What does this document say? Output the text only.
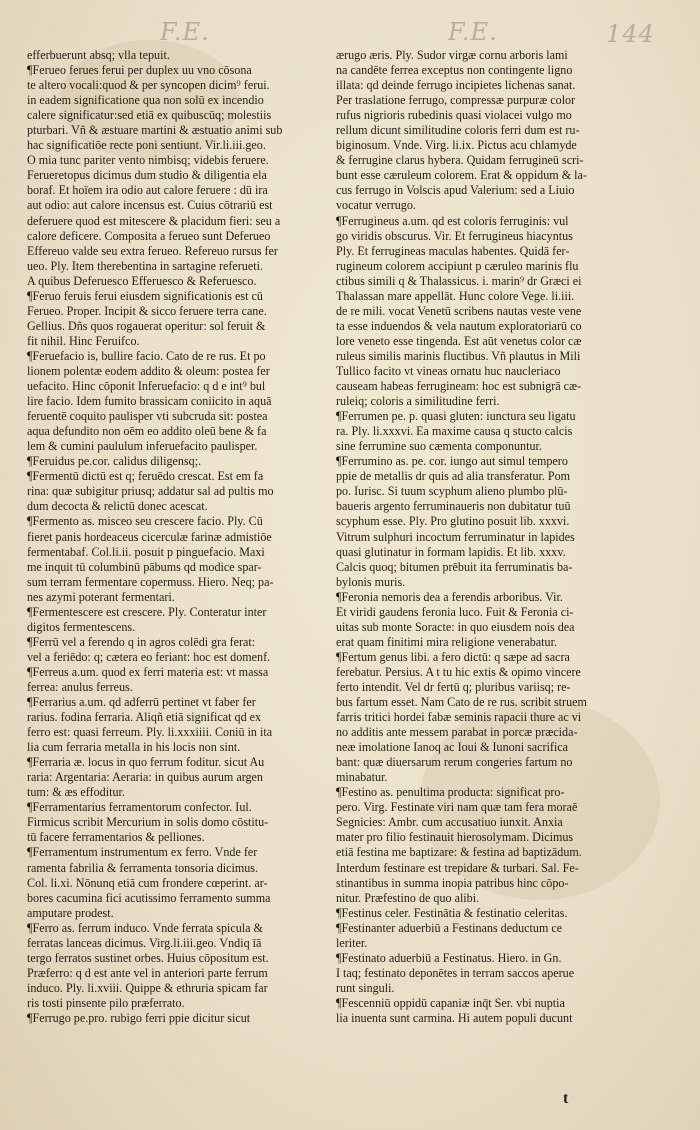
F.E.	F.E.	144
efferbuerunt absq; vlla tepuit.
¶Ferueo ferues ferui per duplex uu vno cōsona
te altero vocali:quod & per syncopen dicim⁹ ferui.
in eadem significatione qua non solū ex incendio
calere significatur:sed etiā ex quibuscūq; molestiis
pturbari. Vñ & æstuare martini & æstuatio animi sub
hac significatiōe recte poni sentiunt. Vir.li.iii.geo.
O mia tunc pariter vento nimbisq; videbis feruere.
Ferueretopus dicimus dum studio & diligentia ela
boraf. Et hoīem ira odio aut calore feruere : dū ira
aut odio: aut calore incensus est. Cuius cōtrariū est
deferuere quod est mitescere & placidum fieri: seu a
calore deficere. Composita a ferueo sunt Deferueo
Effereuo valde seu extra ferueo. Refereuo rursus fer
ueo. Ply. Item therebentina in sartagine referueti.
A quibus Deferuesco Efferuesco & Referuesco.
¶Feruo feruis ferui eiusdem significationis est cū
Ferueo. Proper. Incipit & sicco feruere terra cane.
Gellius. Dñs quos rogauerat operitur: sol feruit &
fit nihil. Hinc Feruifco.
¶Feruefacio is, bullire facio. Cato de re rus. Et po
lionem polentæ eodem addito & oleum: postea fer
uefacito. Hinc cōponit Inferuefacio: q d e int⁹ bul
lire facio. Idem fumito brassicam coniicito in aquā
feruentē coquito paulisper vti subcruda sit: postea
aqua defundito non oēm eo addito oleū bene & fa
lem & cumini paululum inferuefacito paulisper.
¶Feruidus pe.cor. calidus diligensq;.
¶Fermentū dictū est q; feruēdo crescat. Est em fa
rina: quæ subigitur priusq; addatur sal ad pultis mo
dum decocta & relictū donec acescat.
¶Fermento as. misceo seu crescere facio. Ply. Cū
fieret panis hordeaceus cicerculæ farinæ admistiōe
fermentabaf. Col.li.ii. posuit p pinguefacio. Maxi
me inquit tū columbinū pābums qd modice spar-
sum terram fermentare copermuss. Hiero. Neq; pa-
nes azymi poterant fermentari.
¶Fermentescere est crescere. Ply. Conteratur inter
digitos fermentescens.
¶Ferrū vel a ferendo q in agros colēdi gra ferat:
vel a feriēdo: q; cætera eo feriant: hoc est domenf.
¶Ferreus a.um. quod ex ferri materia est: vt massa
ferrea: anulus ferreus.
¶Ferrarius a.um. qd adferrū pertinet vt faber fer
rarius. fodina ferraria. Aliqñ etiā significat qd ex
ferro est: quasi ferreum. Ply. li.xxxiiii. Coniū in ita
lia cum ferraria metalla in his locis non sint.
¶Ferraria æ. locus in quo ferrum foditur. sicut Au
raria: Argentaria: Aeraria: in quibus aurum argen
tum: & æs effoditur.
¶Ferramentarius ferramentorum confector. Iul.
Firmicus scribit Mercurium in solis domo cōstitu-
tū facere ferramentarios & pelliones.
¶Ferramentum instrumentum ex ferro. Vnde fer
ramenta fabrilia & ferramenta tonsoria dicimus.
Col. li.xi. Nōnunq etiā cum frondere cœperint. ar-
bores cacumina fici acutissimo ferramento summa
amputare prodest.
¶Ferro as. ferrum induco. Vnde ferrata spicula &
ferratas lanceas dicimus. Virg.li.iii.geo. Vndiq īā
tergo ferratos sustinet orbes. Huius cōpositum est.
Præferro: q d est ante vel in anteriori parte ferrum
induco. Ply. li.xviii. Quippe & ethruria spicam far
ris tosti pinsente pilo præferrato.
¶Ferrugo pe.pro. rubigo ferri ppie dicitur sicut
ærugo æris. Ply. Sudor virgæ cornu arboris lami
na candēte ferrea exceptus non contingente ligno
illata: qd deinde ferrugo incipietes lichenas sanat.
Per traslatione ferrugo, compressæ purpuræ color
rufus nigrioris rubedinis quasi violacei vulgo mo
rellum dicunt similitudine coloris ferri dum est ru-
biginosum. Vnde. Virg. li.ix. Pictus acu chlamyde
& ferrugine clarus hybera. Quidam ferrugineū scri-
bunt esse cæruleum colorem. Erat & oppidum & la-
cus ferrugo in Volscis apud Valerium: sed a Liuio
vocatur verrugo.
¶Ferrugineus a.um. qd est coloris ferruginis: vul
go viridis obscurus. Vir. Et ferrugineus hiacyntus
Ply. Et ferrugineas maculas habentes. Quidā fer-
rugineum colorem accipiunt p cæruleo marinis flu
ctibus simili q & Thalassicus. i. marin⁹ dr Græci ei
Thalassan mare appellāt. Hunc colore Vege. li.iii.
de re mili. vocat Venetū scribens nautas veste vene
ta esse induendos & vela nautum exploratoriarū co
lore veneto esse tingenda. Est aūt venetus color cæ
ruleus similis marinis fluctibus. Vñ plautus in Mili
Tullico facito vt vineas ornatu huc naucleriaco
causeam habeas ferrugineam: hoc est subnigrā cæ-
ruleiq; coloris a similitudine ferri.
¶Ferrumen pe. p. quasi gluten: iunctura seu ligatu
ra. Ply. li.xxxvi. Ea maxime causa q stucto calcis
sine ferrumine suo cæmenta componuntur.
¶Ferrumino as. pe. cor. iungo aut simul tempero
ppie de metallis dr quis ad alia transferatur. Pom
po. Iurisc. Si tuum scyphum alieno plumbo plū-
baueris argento ferruminaueris non dubitatur tuū
scyphum esse. Ply. Pro glutino posuit lib. xxxvi.
Vitrum sulphuri incoctum ferruminatur in lapides
quasi glutinatur in formam lapidis. Et lib. xxxv.
Calcis quoq; bitumen prēbuit ita ferruminatis ba-
bylonis muris.
¶Feronia nemoris dea a ferendis arboribus. Vir.
Et viridi gaudens feronia luco. Fuit & Feronia ci-
uitas sub monte Soracte: in quo eiusdem nois dea
erat quam finitimi mira religione venerabatur.
¶Fertum genus libi. a fero dictū: q sæpe ad sacra
ferebatur. Persius. A t tu hic extis & opimo vincere
ferto intendit. Vel dr fertū q; pluribus variisq; re-
bus fartum esset. Nam Cato de re rus. scribit struem
farris tritici hordei fabæ seminis rapacii thure ac vi
no additis ante messem parabat in porcæ præcida-
neæ imolatione Ianoq ac Ioui & Iunoni sacrifica
bant: quæ diuersarum rerum congeries fartum no
minabatur.
¶Festino as. penultima producta: significat pro-
pero. Virg. Festinate viri nam quæ tam fera moraē
Segnicies: Ambr. cum accusatiuo iunxit. Anxia
mater pro filio festinauit hierosolymam. Dicimus
etiā festina me baptizare: & festina ad baptizādum.
Interdum festinare est trepidare & turbari. Sal. Fe-
stinantibus in summa inopia patribus hinc cōpo-
nitur. Præfestino de quo alibi.
¶Festinus celer. Festinātia & festinatio celeritas.
¶Festinanter aduerbiū a Festinans deductum ce
leriter.
¶Festinato aduerbiū a Festinatus. Hiero. in Gn.
I taq; festinato deponētes in terram saccos aperue
runt singuli.
¶Fescenniū oppidū capaniæ inq̄t Ser. vbi nuptia
lia inuenta sunt carmina. Hi autem populi ducunt
t
